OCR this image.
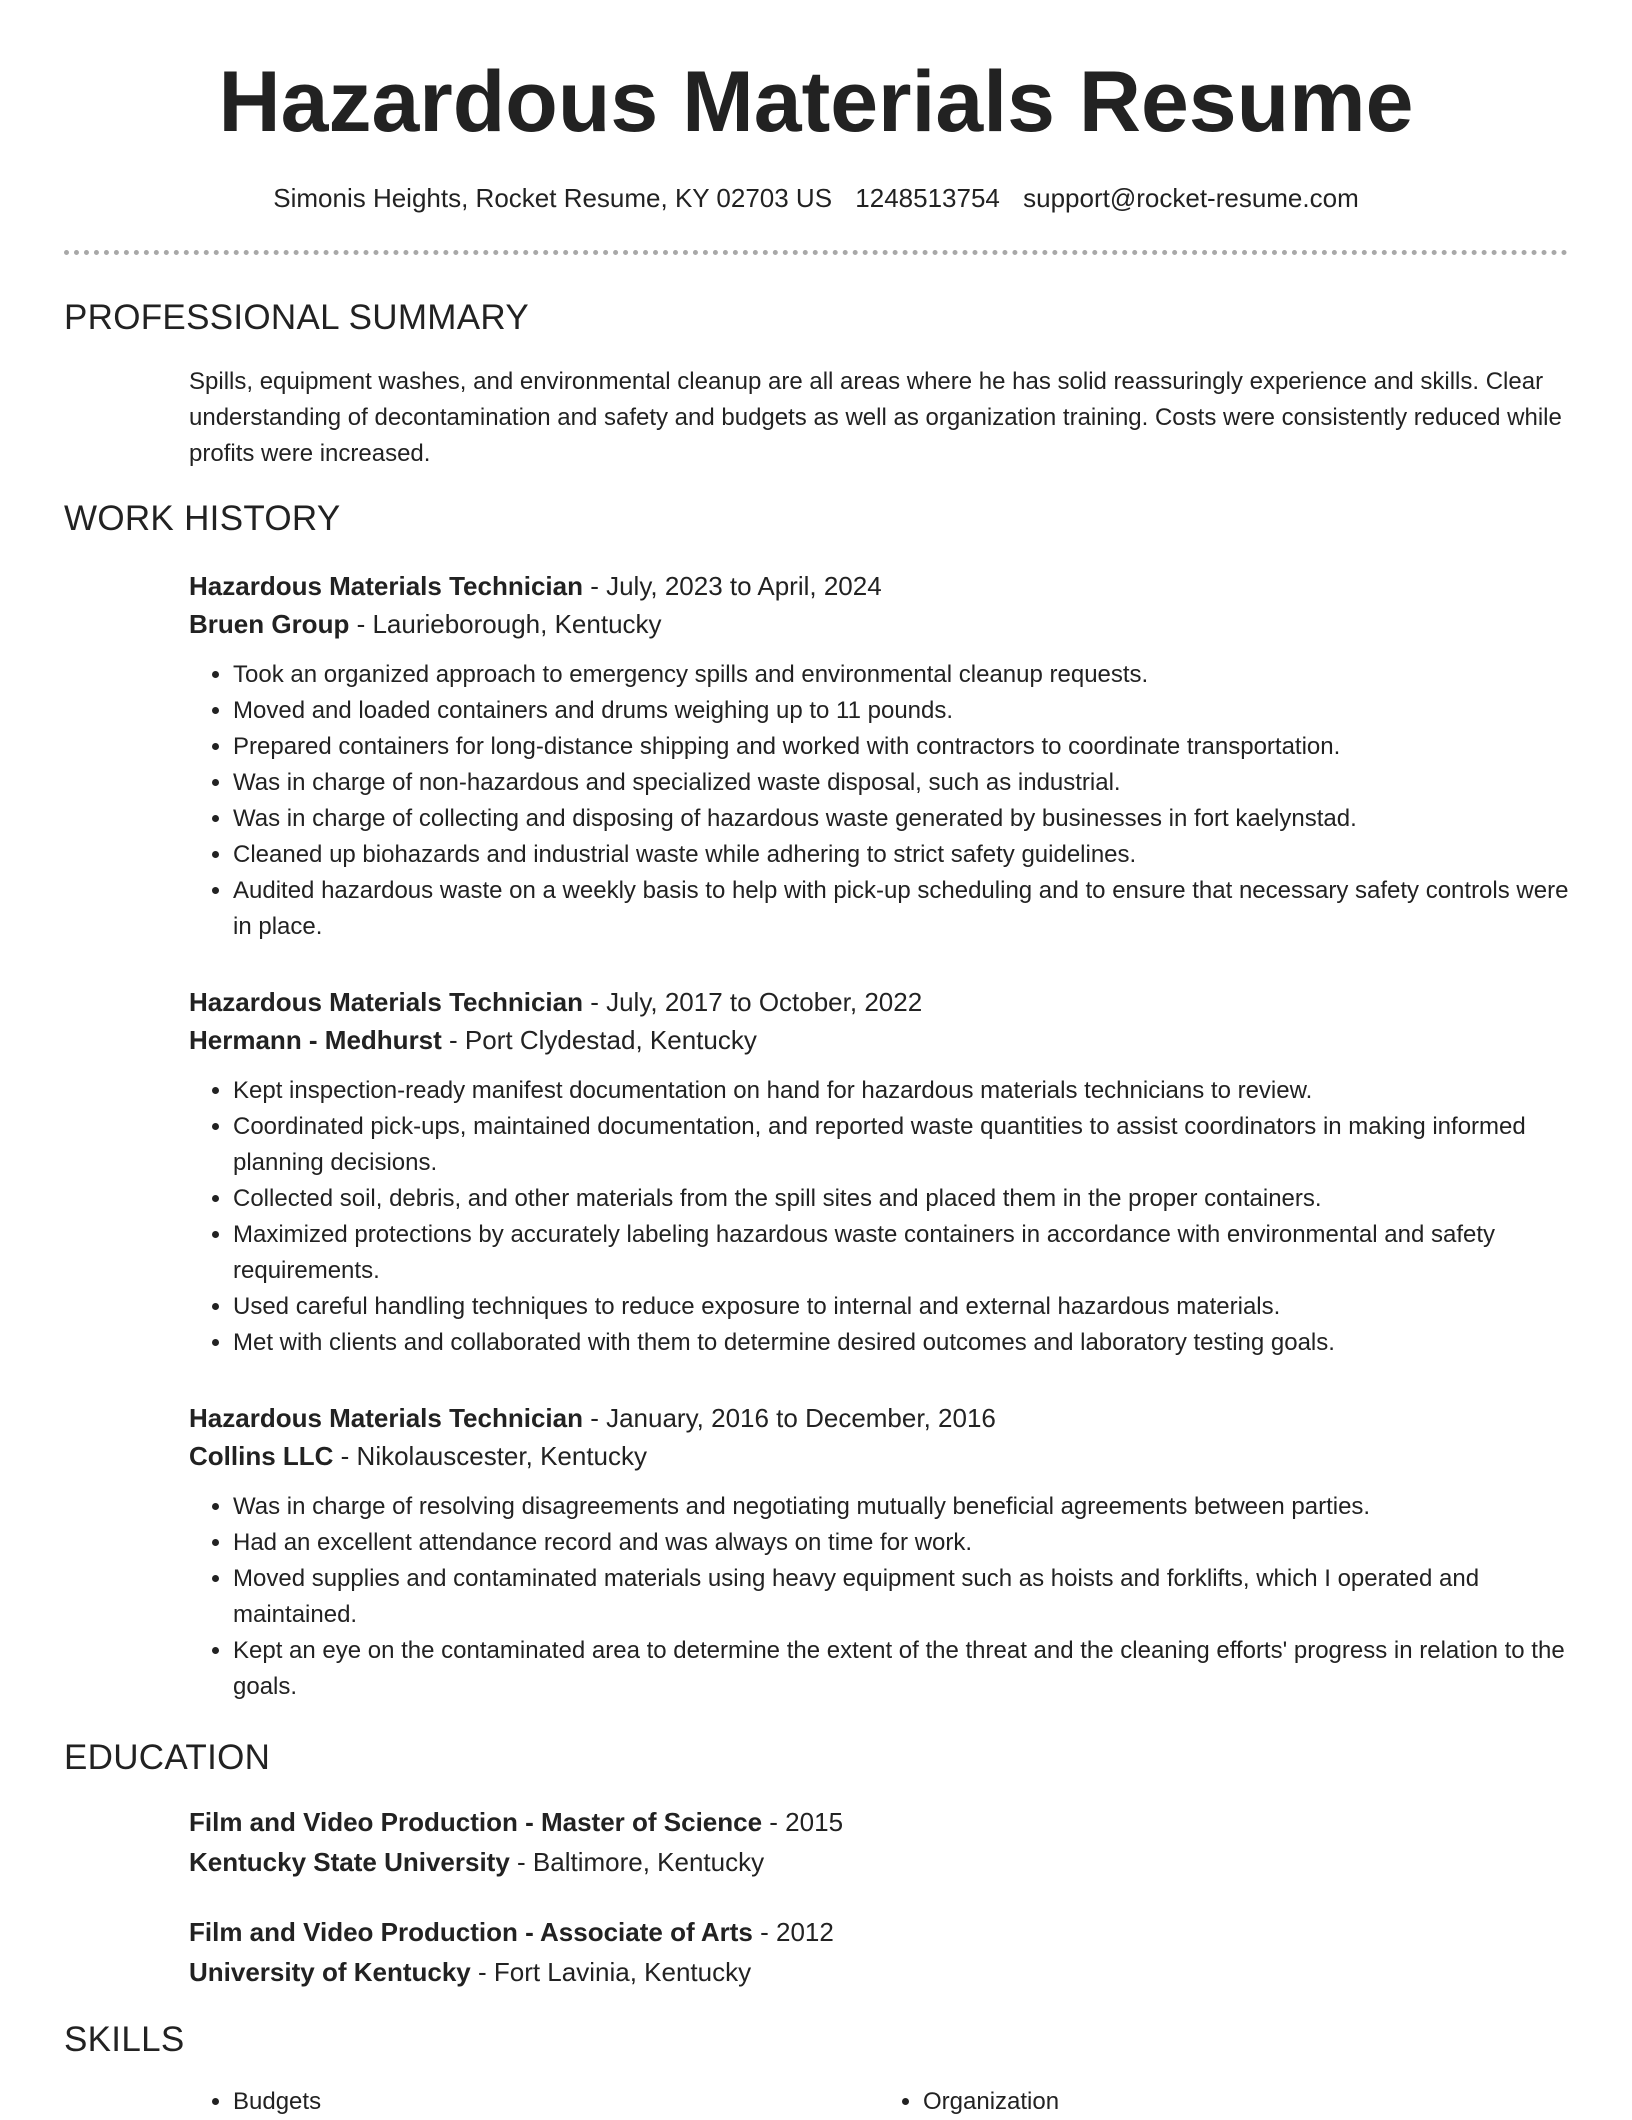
Hazardous Materials Resume
Simonis Heights, Rocket Resume, KY 02703 US 1248513754 support@rocket-resume.com
PROFESSIONAL SUMMARY

Spills, equipment washes, and environmental cleanup are all areas where he has solid reassuringly experience and skills. Clear understanding of decontamination and safety and budgets as well as organization training. Costs were consistently reduced while profits were increased.

WORK HISTORY
Hazardous Materials Technician - July, 2023 to April, 2024
Bruen Group - Laurieborough, Kentucky
• Took an organized approach to emergency spills and environmental cleanup requests.
• Moved and loaded containers and drums weighing up to 11 pounds.
• Prepared containers for long-distance shipping and worked with contractors to coordinate transportation.
• Was in charge of non-hazardous and specialized waste disposal, such as industrial.
• Was in charge of collecting and disposing of hazardous waste generated by businesses in fort kaelynstad.
• Cleaned up biohazards and industrial waste while adhering to strict safety guidelines.
• Audited hazardous waste on a weekly basis to help with pick-up scheduling and to ensure that necessary safety controls were in place.
Hazardous Materials Technician - July, 2017 to October, 2022
Hermann - Medhurst - Port Clydestad, Kentucky
• Kept inspection-ready manifest documentation on hand for hazardous materials technicians to review.
• Coordinated pick-ups, maintained documentation, and reported waste quantities to assist coordinators in making informed planning decisions.
• Collected soil, debris, and other materials from the spill sites and placed them in the proper containers.
• Maximized protections by accurately labeling hazardous waste containers in accordance with environmental and safety requirements.
• Used careful handling techniques to reduce exposure to internal and external hazardous materials.
• Met with clients and collaborated with them to determine desired outcomes and laboratory testing goals.
Hazardous Materials Technician - January, 2016 to December, 2016
Collins LLC - Nikolauscester, Kentucky
• Was in charge of resolving disagreements and negotiating mutually beneficial agreements between parties.
• Had an excellent attendance record and was always on time for work.
• Moved supplies and contaminated materials using heavy equipment such as hoists and forklifts, which I operated and maintained.
• Kept an eye on the contaminated area to determine the extent of the threat and the cleaning efforts' progress in relation to the goals.
EDUCATION
Film and Video Production - Master of Science - 2015
Kentucky State University - Baltimore, Kentucky
Film and Video Production - Associate of Arts - 2012
University of Kentucky - Fort Lavinia, Kentucky
SKILLS
• Budgets
•	Organization
